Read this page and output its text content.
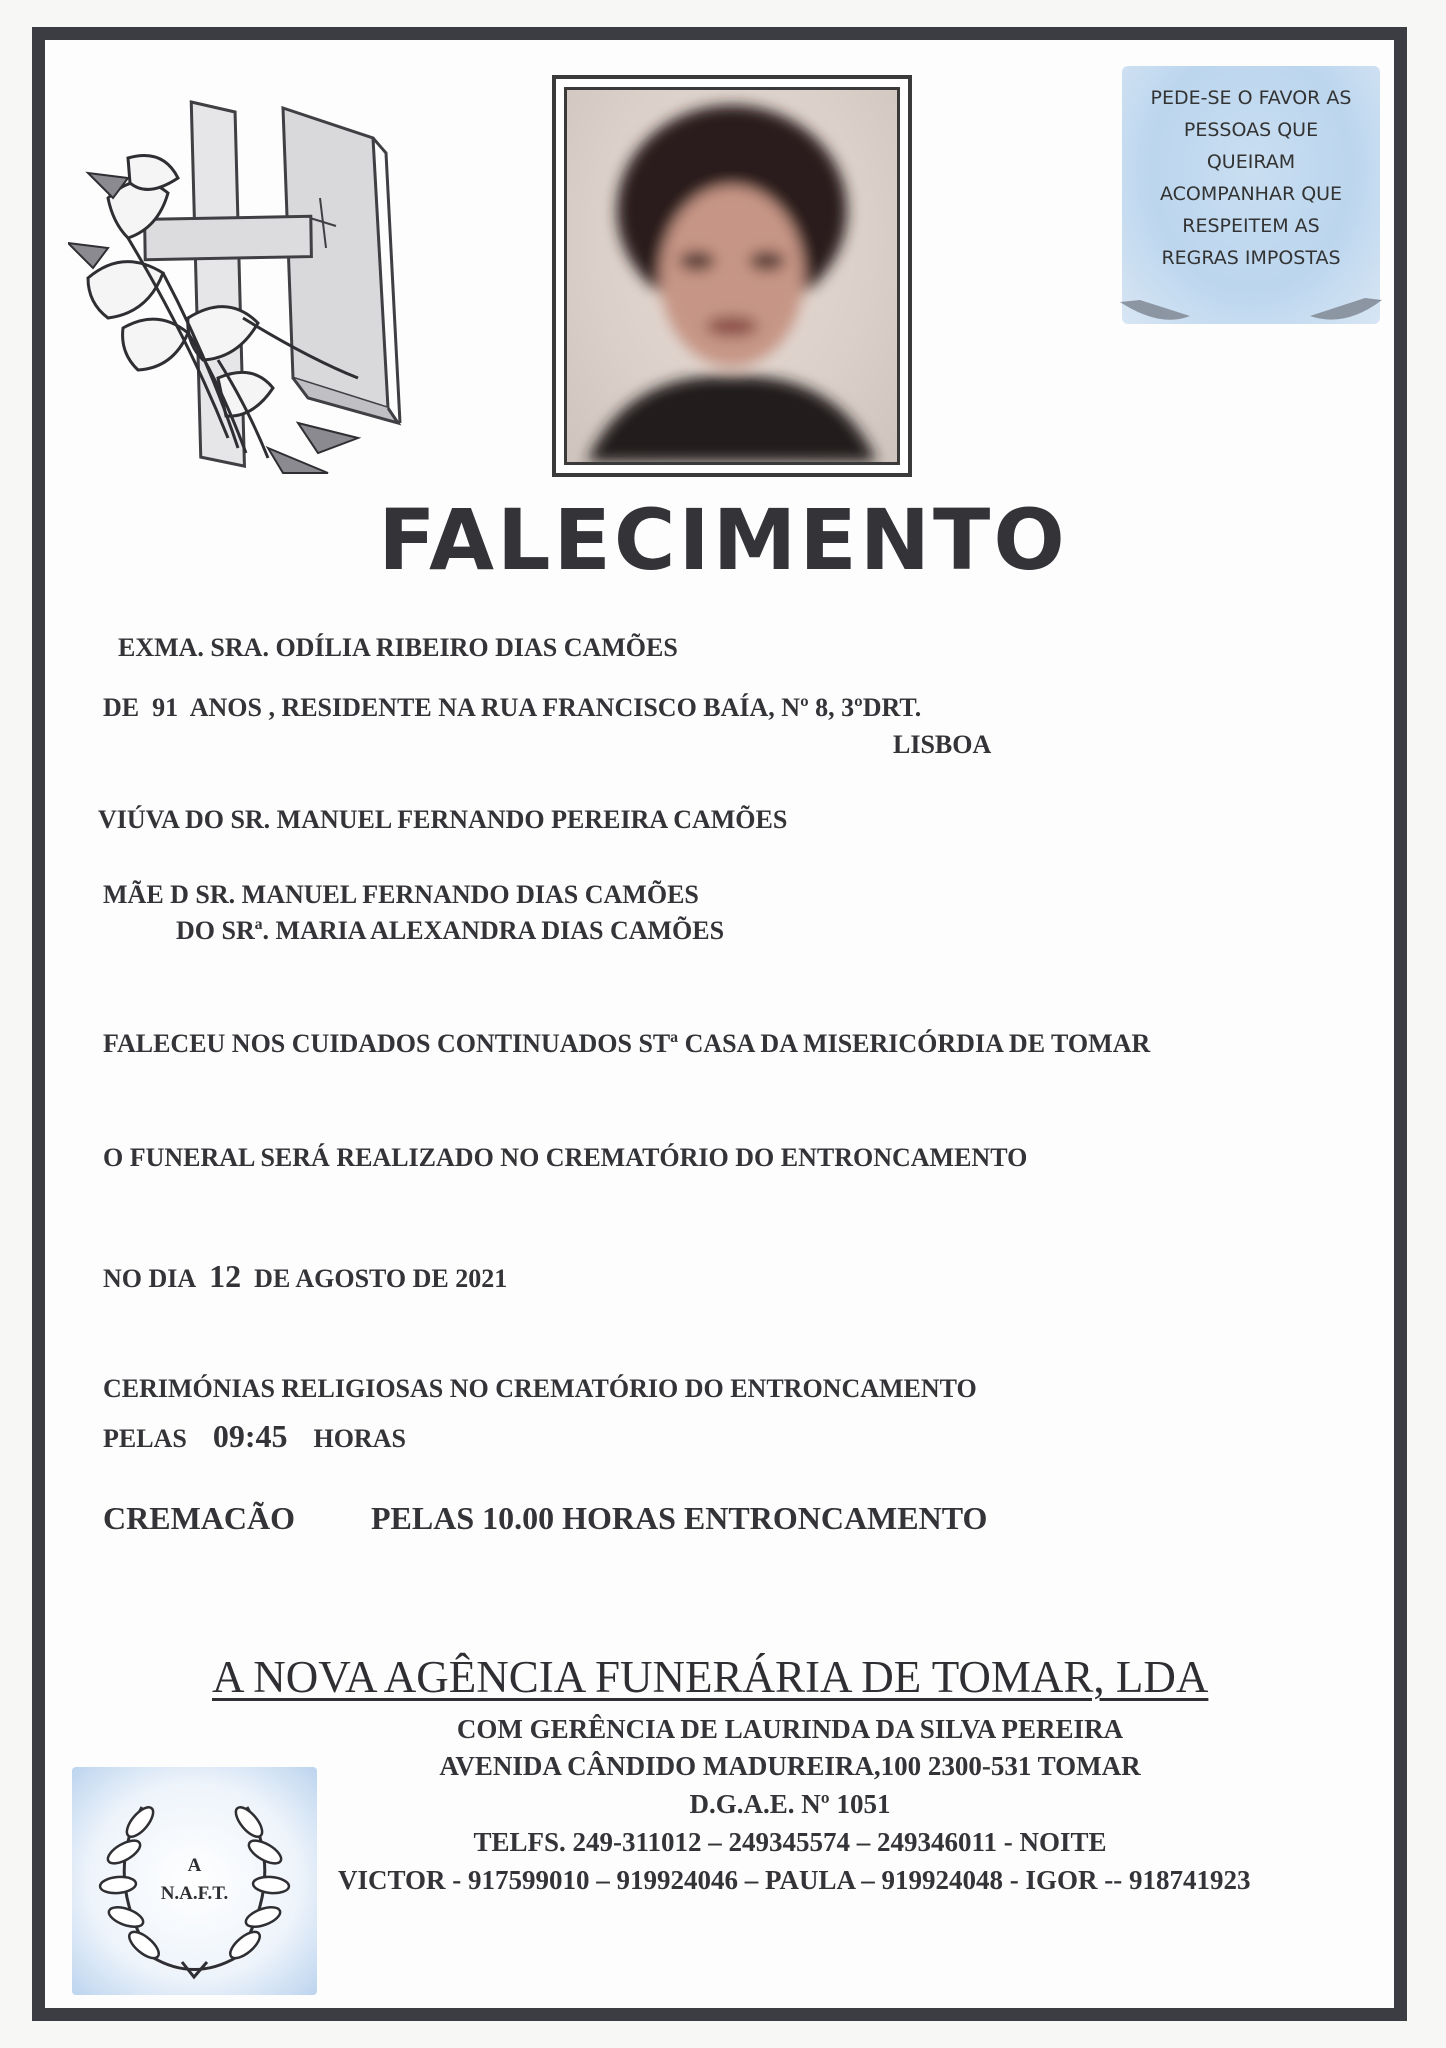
PEDE-SE O FAVOR AS
PESSOAS QUE
QUEIRAM
ACOMPANHAR QUE
RESPEITEM AS
REGRAS IMPOSTAS
FALECIMENTO
EXMA. SRA. ODÍLIA RIBEIRO DIAS CAMÕES
DE 91 ANOS , RESIDENTE NA RUA FRANCISCO BAÍA, Nº 8, 3ºDRT.
LISBOA
VIÚVA DO SR. MANUEL FERNANDO PEREIRA CAMÕES
MÃE D SR. MANUEL FERNANDO DIAS CAMÕES
DO SRª. MARIA ALEXANDRA DIAS CAMÕES
FALECEU NOS CUIDADOS CONTINUADOS STª CASA DA MISERICÓRDIA DE TOMAR
O FUNERAL SERÁ REALIZADO NO CREMATÓRIO DO ENTRONCAMENTO
NO DIA 12 DE AGOSTO DE 2021
CERIMÓNIAS RELIGIOSAS NO CREMATÓRIO DO ENTRONCAMENTO
PELAS 09:45 HORAS
CREMACÃO PELAS 10.00 HORAS ENTRONCAMENTO
A NOVA AGÊNCIA FUNERÁRIA DE TOMAR, LDA
COM GERÊNCIA DE LAURINDA DA SILVA PEREIRA
AVENIDA CÂNDIDO MADUREIRA,100 2300-531 TOMAR
D.G.A.E. Nº 1051
TELFS. 249-311012 – 249345574 – 249346011 - NOITE
VICTOR - 917599010 – 919924046 – PAULA – 919924048 - IGOR -- 918741923
A
N.A.F.T.
